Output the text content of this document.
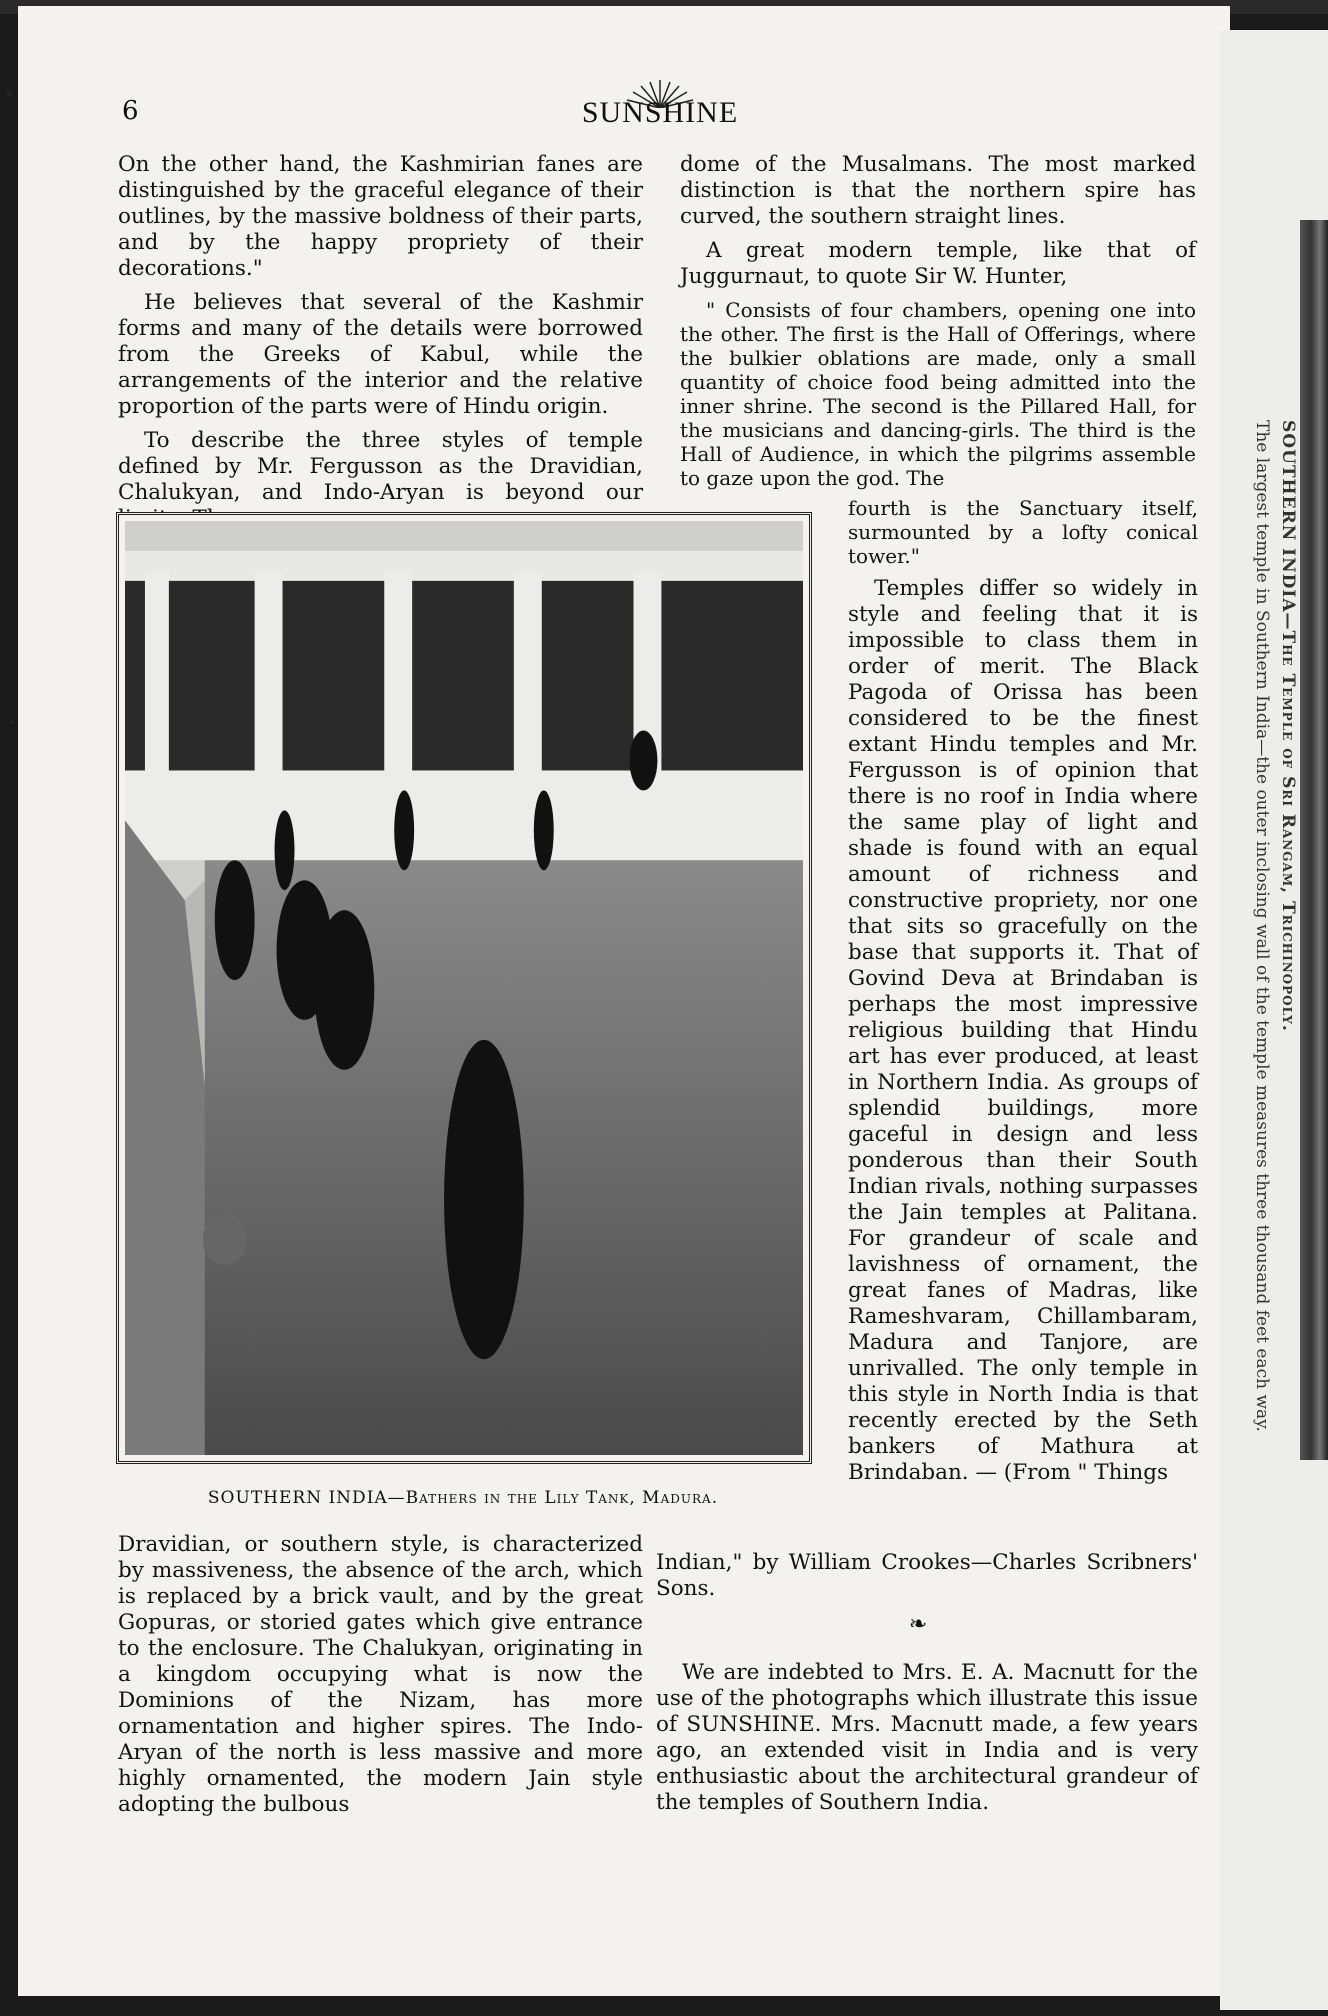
6	SUNSHINE

On the other hand, the Kashmirian fanes are distinguished by the graceful elegance of their outlines, by the massive boldness of their parts, and by the happy propriety of their decorations."

He believes that several of the Kashmir forms and many of the details were borrowed from the Greeks of Kabul, while the arrangements of the interior and the relative proportion of the parts were of Hindu origin.

To describe the three styles of temple defined by Mr. Fergusson as the Dravidian, Chalukyan, and Indo-Aryan is beyond our

dome of the Musalmans. The most marked distinction is that the northern spire has curved, the southern straight lines.

A great modern temple, like that of Juggurnaut, to quote Sir W. Hunter,

" Consists of four chambers, opening one into the other. The first is the Hall of Offerings, where the bulkier oblations are made, only a small quantity of choice food being admitted into the inner shrine. The second is the Pillared Hall, for the musicians and dancing-girls. The third is the Hall of Audience, in which the pilgrims assemble to gaze upon the god. The

fourth is the Sanctuary itself, surmounted by a lofty conical tower."

Temples differ so widely in style and feeling that it is impossible to class them in order of merit. The Black Pagoda of Orissa has been considered to be the finest extant Hindu temples and Mr. Fergusson is of opinion that there is no roof in India where the same play of light and shade is found with an equal amount of richness and constructive propriety, nor one that sits so gracefully on the base that supports it. That of Govind Deva at Brindaban is perhaps the most impressive religious building that Hindu art has ever produced, at least in Northern India. As groups of splendid buildings, more gaceful in design and less ponderous than their South Indian rivals, nothing surpasses the Jain temples at Palitana. For grandeur of scale and lavishness of ornament, the great fanes of Madras, like Rameshvaram, Chillambaram, Madura and Tanjore, are unrivalled. The only temple in this style in North India is that recently erected by the Seth bankers of Mathura at Brindaban. — (From " Things

SOUTHERN INDIA—Bathers in the Lily Tank, Madura.

Dravidian, or southern style, is characterized by massiveness, the absence of the arch, which is replaced by a brick vault, and by the great Gopuras, or storied gates which give entrance to the enclosure. The Chalukyan, originating in a kingdom occupying what is now the Dominions of the Nizam, has more ornamentation and higher spires. The Indo-Aryan of the north is less massive and more highly ornamented, the modern Jain style adopting the bulbous

Indian," by William Crookes—Charles Scribners' Sons.

❧

We are indebted to Mrs. E. A. Macnutt for the use of the photographs which illustrate this issue of SUNSHINE. Mrs. Macnutt made, a few years ago, an extended visit in India and is very enthusiastic about the architectural grandeur of the temples of Southern India.

SOUTHERN INDIA—The Temple of Sri Rangam, Trichinopoly.
The largest temple in Southern India—the outer inclosing wall of the temple measures three thousand feet each way.
